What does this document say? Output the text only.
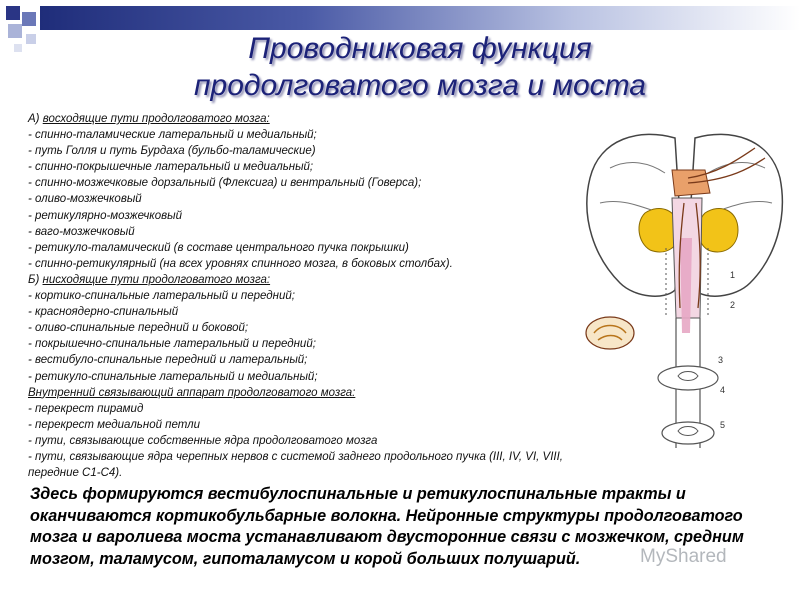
Проводниковая функция
продолговатого мозга и моста
А) восходящие пути продолговатого мозга:
- спинно-таламические латеральный и медиальный;
- путь Голля и путь Бурдаха (бульбо-таламические)
- спинно-покрышечные латеральный и медиальный;
- спинно-мозжечковые дорзальный (Флексига) и вентральный (Говерса);
- оливо-мозжечковый
- ретикулярно-мозжечковый
- ваго-мозжечковый
- ретикуло-таламический (в составе центрального пучка покрышки)
- спинно-ретикулярный (на всех уровнях спинного мозга, в боковых столбах).
Б) нисходящие пути продолговатого мозга:
- кортико-спинальные латеральный и передний;
- красноядерно-спинальный
- оливо-спинальные передний и боковой;
- покрышечно-спинальные латеральный и передний;
- вестибуло-спинальные передний и латеральный;
- ретикуло-спинальные латеральный и медиальный;
Внутренний связывающий аппарат продолговатого мозга:
- перекрест пирамид
- перекрест медиальной петли
- пути, связывающие собственные ядра продолговатого мозга
- пути, связывающие ядра черепных нервов с системой заднего продольного пучка (III, IV, VI, VIII, передние С1-С4).
1
2
3
4
5
Здесь формируются вестибулоспинальные и ретикулоспинальные тракты и оканчиваются кортикобульбарные волокна. Нейронные структуры продолговатого мозга и варолиева моста устанавливают двусторонние связи с мозжечком, средним мозгом, таламусом, гипоталамусом и корой больших полушарий.	MyShared
